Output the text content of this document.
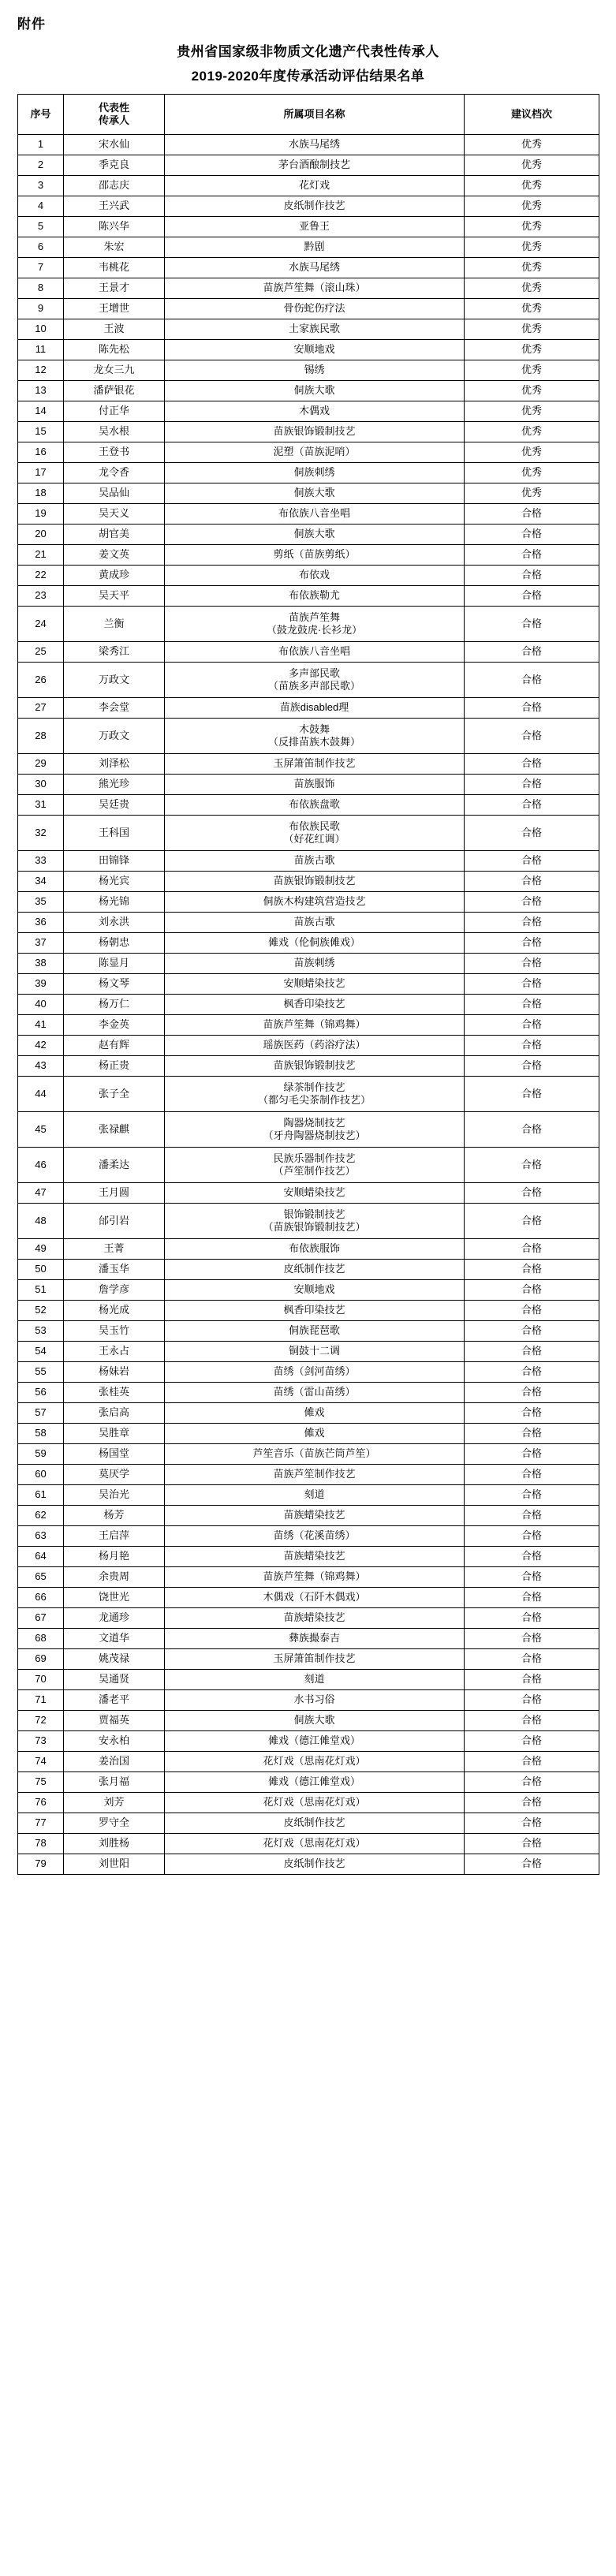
附件
贵州省国家级非物质文化遗产代表性传承人
2019-2020年度传承活动评估结果名单
序号	代表性
传承人	所属项目名称	建议档次
1	宋水仙	水族马尾绣	优秀
2	季克良	茅台酒酿制技艺	优秀
3	邵志庆	花灯戏	优秀
4	王兴武	皮纸制作技艺	优秀
5	陈兴华	亚鲁王	优秀
6	朱宏	黔剧	优秀
7	韦桃花	水族马尾绣	优秀
8	王景才	苗族芦笙舞（滚山珠）	优秀
9	王增世	骨伤蛇伤疗法	优秀
10	王波	土家族民歌	优秀
11	陈先松	安顺地戏	优秀
12	龙女三九	锡绣	优秀
13	潘萨银花	侗族大歌	优秀
14	付正华	木偶戏	优秀
15	吴水根	苗族银饰锻制技艺	优秀
16	王登书	泥塑（苗族泥哨）	优秀
17	龙令香	侗族刺绣	优秀
18	吴品仙	侗族大歌	优秀
19	吴天义	布依族八音坐唱	合格
20	胡官美	侗族大歌	合格
21	姜文英	剪纸（苗族剪纸）	合格
22	黄成珍	布依戏	合格
23	吴天平	布依族勒尤	合格
24	兰衡	苗族芦笙舞
（鼓龙鼓虎·长衫龙）	合格
25	梁秀江	布依族八音坐唱	合格
26	万政文	多声部民歌
（苗族多声部民歌）	合格
27	李会堂	苗族disabled理	合格
28	万政文	木鼓舞
（反排苗族木鼓舞）	合格
29	刘泽松	玉屏箫笛制作技艺	合格
30	熊光珍	苗族服饰	合格
31	吴廷贵	布依族盘歌	合格
32	王科国	布依族民歌
（好花红调）	合格
33	田锦锋	苗族古歌	合格
34	杨光宾	苗族银饰锻制技艺	合格
35	杨光锦	侗族木构建筑营造技艺	合格
36	刘永洪	苗族古歌	合格
37	杨朝忠	傩戏（伦侗族傩戏）	合格
38	陈显月	苗族刺绣	合格
39	杨文琴	安顺蜡染技艺	合格
40	杨万仁	枫香印染技艺	合格
41	李金英	苗族芦笙舞（锦鸡舞）	合格
42	赵有辉	瑶族医药（药浴疗法）	合格
43	杨正贵	苗族银饰锻制技艺	合格
44	张子全	绿茶制作技艺
（都匀毛尖茶制作技艺）	合格
45	张禄麒	陶器烧制技艺
（牙舟陶器烧制技艺）	合格
46	潘柔达	民族乐器制作技艺
（芦笙制作技艺）	合格
47	王月圆	安顺蜡染技艺	合格
48	邰引岩	银饰锻制技艺
（苗族银饰锻制技艺）	合格
49	王菁	布依族服饰	合格
50	潘玉华	皮纸制作技艺	合格
51	詹学彦	安顺地戏	合格
52	杨光成	枫香印染技艺	合格
53	吴玉竹	侗族琵琶歌	合格
54	王永占	铜鼓十二调	合格
55	杨妹岩	苗绣（剑河苗绣）	合格
56	张桂英	苗绣（雷山苗绣）	合格
57	张启高	傩戏	合格
58	吴胜章	傩戏	合格
59	杨国堂	芦笙音乐（苗族芒筒芦笙）	合格
60	莫厌学	苗族芦笙制作技艺	合格
61	吴治光	刻道	合格
62	杨芳	苗族蜡染技艺	合格
63	王启萍	苗绣（花溪苗绣）	合格
64	杨月艳	苗族蜡染技艺	合格
65	余贵周	苗族芦笙舞（锦鸡舞）	合格
66	饶世光	木偶戏（石阡木偶戏）	合格
67	龙通珍	苗族蜡染技艺	合格
68	文道华	彝族撮泰吉	合格
69	姚茂禄	玉屏箫笛制作技艺	合格
70	吴通贤	刻道	合格
71	潘老平	水书习俗	合格
72	贾福英	侗族大歌	合格
73	安永柏	傩戏（德江傩堂戏）	合格
74	姜治国	花灯戏（思南花灯戏）	合格
75	张月福	傩戏（德江傩堂戏）	合格
76	刘芳	花灯戏（思南花灯戏）	合格
77	罗守全	皮纸制作技艺	合格
78	刘胜杨	花灯戏（思南花灯戏）	合格
79	刘世阳	皮纸制作技艺	合格
